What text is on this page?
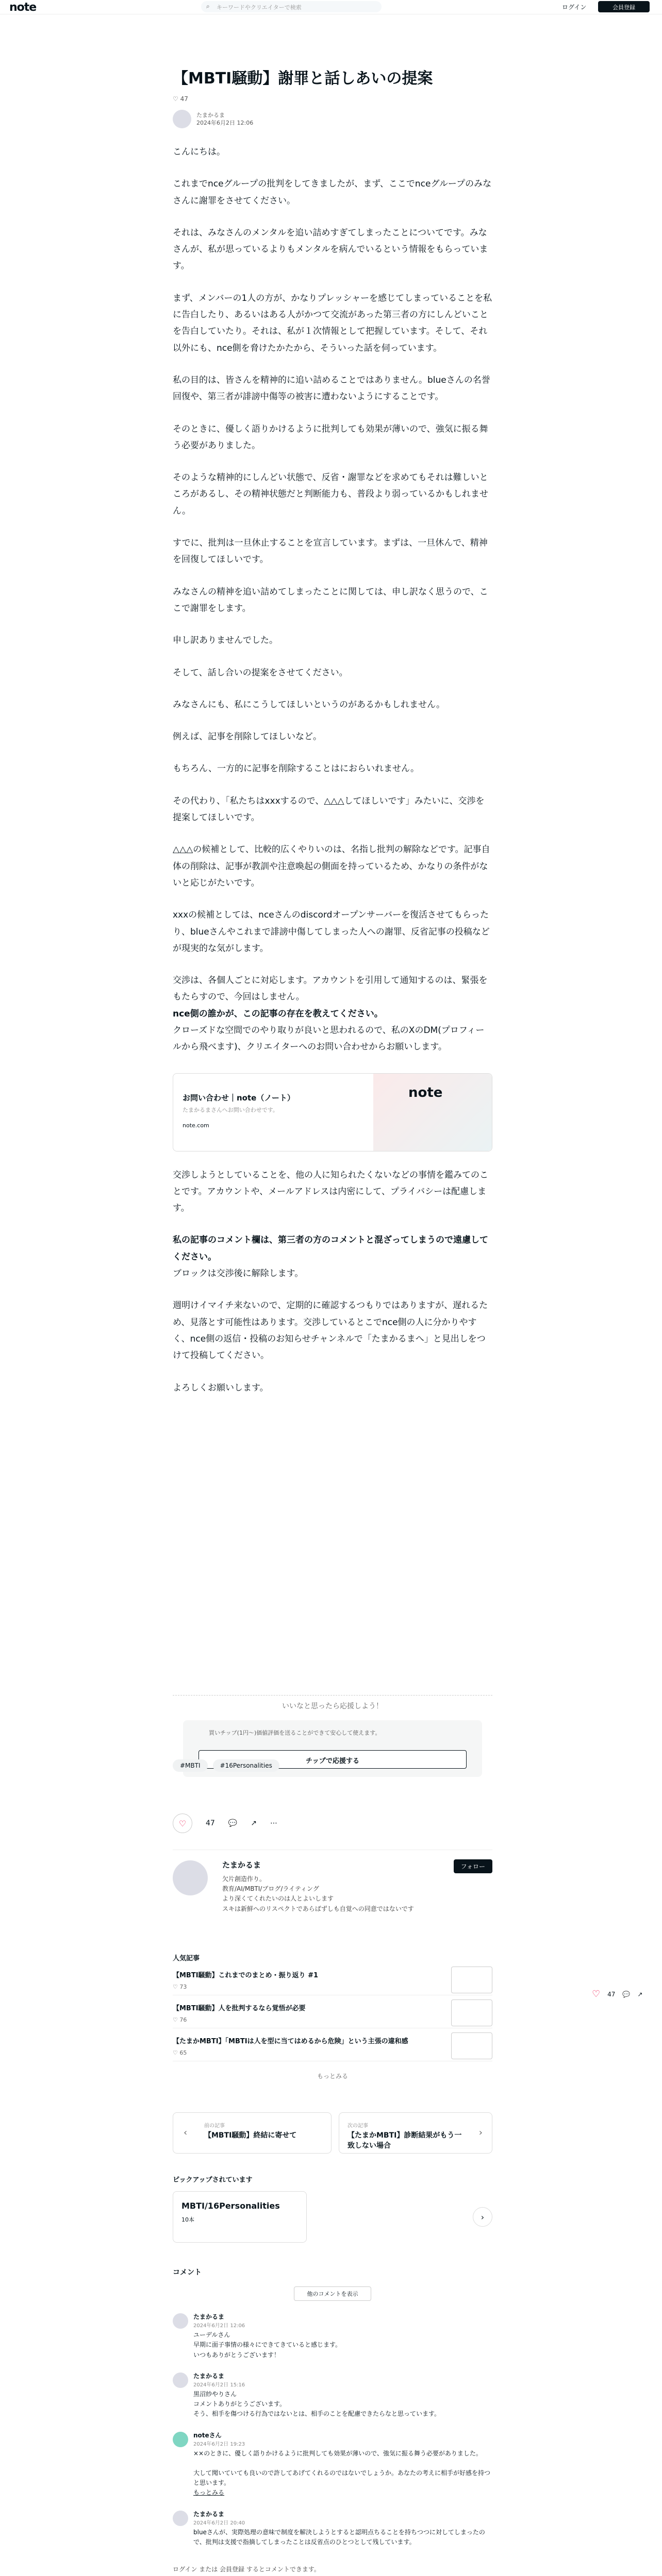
note	⌕ キーワードやクリエイターで検索	ログイン	会員登録
【MBTI騒動】謝罪と話しあいの提案
♡ 47
たまかるま
2024年6月2日 12:06

こんにちは。

これまでnceグループの批判をしてきましたが、まず、ここでnceグループのみなさんに謝罪をさせてください。

それは、みなさんのメンタルを追い詰めすぎてしまったことについてです。みなさんが、私が思っているよりもメンタルを病んでいるという情報をもらっています。

まず、メンバーの1人の方が、かなりプレッシャーを感じてしまっていることを私に告白したり、あるいはある人がかつて交流があった第三者の方にしんどいことを告白していたり。それは、私が１次情報として把握しています。そして、それ以外にも、nce側を脅けたかたから、そういった話を伺っています。

私の目的は、皆さんを精神的に追い詰めることではありません。blueさんの名誉回復や、第三者が誹謗中傷等の被害に遭わないようにすることです。

そのときに、優しく語りかけるように批判しても効果が薄いので、強気に振る舞う必要がありました。

そのような精神的にしんどい状態で、反省・謝罪などを求めてもそれは難しいところがあるし、その精神状態だと判断能力も、普段より弱っているかもしれません。

すでに、批判は一旦休止することを宣言しています。まずは、一旦休んで、精神を回復してほしいです。

みなさんの精神を追い詰めてしまったことに関しては、申し訳なく思うので、ここで謝罪をします。

申し訳ありませんでした。

そして、話し合いの提案をさせてください。

みなさんにも、私にこうしてほしいというのがあるかもしれません。

例えば、記事を削除してほしいなど。

もちろん、一方的に記事を削除することはにおらいれません。

その代わり、「私たちはxxxするので、△△△してほしいです」みたいに、交渉を提案してほしいです。

△△△の候補として、比較的広くやりいのは、名指し批判の解除などです。記事自体の削除は、記事が教訓や注意喚起の側面を持っているため、かなりの条件がないと応じがたいです。

xxxの候補としては、nceさんのdiscordオープンサーバーを復活させてもらったり、blueさんやこれまで誹謗中傷してしまった人への謝罪、反省記事の投稿などが現実的な気がします。

交渉は、各個人ごとに対応します。アカウントを引用して通知するのは、緊張をもたらすので、今回はしません。

nce側の誰かが、この記事の存在を教えてください。

クローズドな空間でのやり取りが良いと思われるので、私のXのDM(プロフィールから飛べます)、クリエイターへのお問い合わせからお願いします。

お問い合わせ｜note（ノート）
たまかるまさんへお問い合わせです。
note.com
note

交渉しようとしていることを、他の人に知られたくないなどの事情を鑑みてのことです。アカウントや、メールアドレスは内密にして、プライバシーは配慮します。

私の記事のコメント欄は、第三者の方のコメントと混ざってしまうので遠慮してください。

ブロックは交渉後に解除します。

週明けイマイチ来ないので、定期的に確認するつもりではありますが、遅れるため、見落とす可能性はあります。交渉しているとこでnce側の人に分かりやすく、nce側の返信・投稿のお知らせチャンネルで「たまかるまへ」と見出しをつけて投稿してください。

よろしくお願いします。

いいなと思ったら応援しよう！
買いチップ(1円〜)価値評価を送ることができて安心して使えます。
チップで応援する
#MBTI	#16Personalities
♡	47 💬 ↗ ⋯
たまかるま
欠片創造作り。
教育/AI/MBTI/ブログ/ライティング
より深くてくれたいのは人とよいします
スキは新鮮へのリスペクトであらばずしも自覚への同意ではないです
フォロー
人気記事
【MBTI騒動】これまでのまとめ・振り返り #1
♡ 73
【MBTI騒動】人を批判するなら覚悟が必要
♡ 76
【たまかMBTI】「MBTIは人を型に当てはめるから危険」という主張の違和感
♡ 65
もっとみる
‹
前の記事
【MBTI騒動】終結に寄せて	›
次の記事
【たまかMBTI】診断結果がもう一致しない場合
ピックアップされています
MBTI/16Personalities
10本	›
コメント
他のコメントを表示
たまかるま
2024年6月2日 12:06
ユーデルさん
早期に面子事情の様々にできてきていると感じます。
いつもありがとうございます！
たまかるま
2024年6月2日 15:16
黒沼紗やりさん
コメントありがとうございます。
そう、相手を傷つける行為ではないとは、相手のことを配慮できたらなと思っています。
noteさん
2024年6月2日 19:23
××のときに、優しく語りかけるように批判しても効果が薄いので、強気に振る舞う必要がありました。

大して聞いていても良いので許してあげてくれるのではないでしょうか。あなたの考えに相手が好感を持つと思います。
もっとみる
たまかるま
2024年6月2日 20:40
blueさんが、実際処理の意味で制度を解決しようとすると認明点ちることを持ちつつに対してしまったので、批判は支援で指摘してしまったことは反省点のひとつとして残しています。
ログイン または 会員登録 するとコメントできます。
♡ 47 💬 ↗
